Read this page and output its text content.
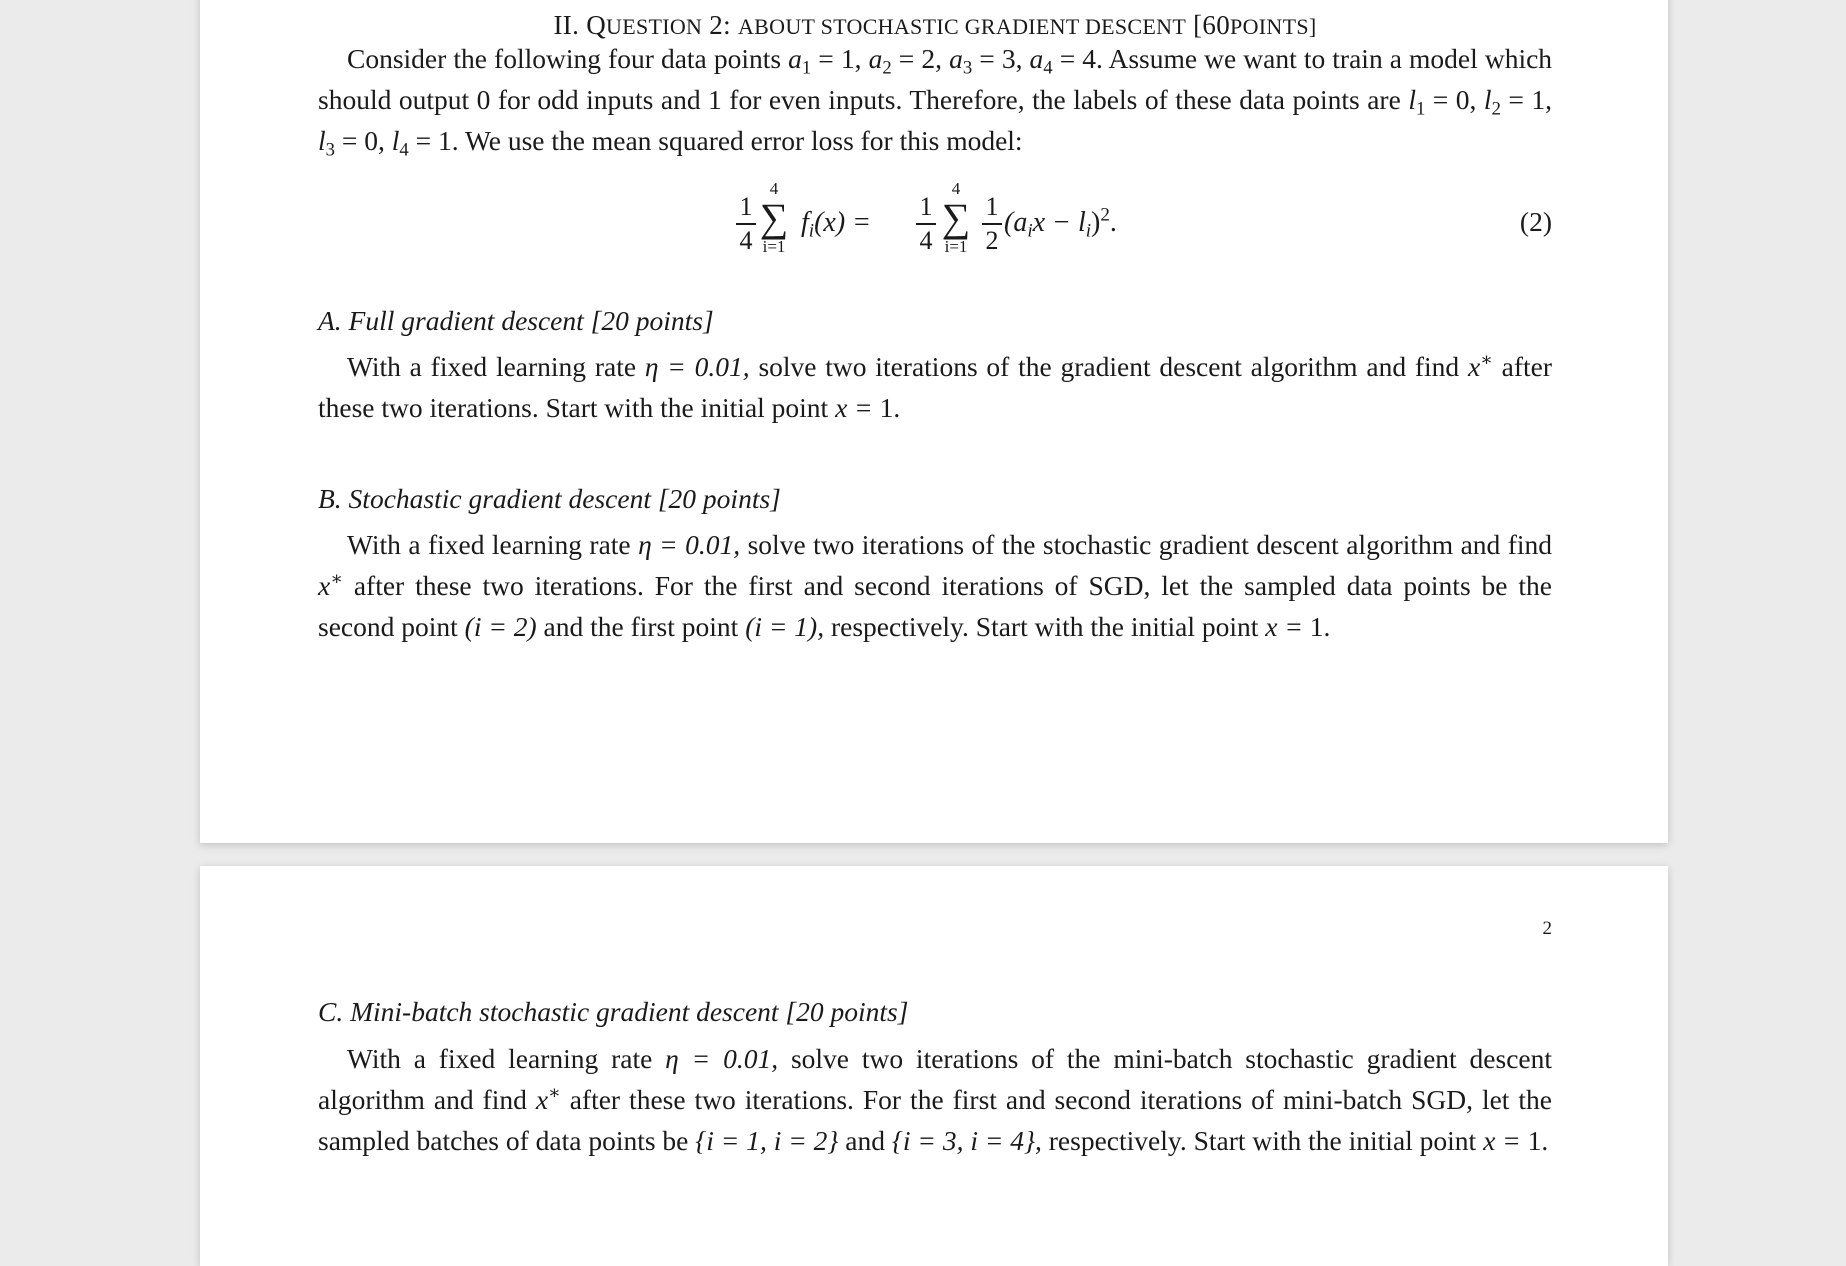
II. QUESTION 2: ABOUT STOCHASTIC GRADIENT DESCENT [60POINTS]
Consider the following four data points $a_1 = 1$, $a_2 = 2$, $a_3 = 3$, $a_4 = 4$. Assume we want to train a model which should output 0 for odd inputs and 1 for even inputs. Therefore, the labels of these data points are $l_1 = 0$, $l_2 = 1$, $l_3 = 0$, $l_4 = 1$. We use the mean squared error loss for this model:
1
4
4
∑
i=1
$f_i(x)$ =
1
4
4
∑
i=1
1
2
$(a_ix - l_i)^2$.	(2)
A. Full gradient descent [20 points]
With a fixed learning rate η = 0.01, solve two iterations of the gradient descent algorithm and find x∗ after these two iterations. Start with the initial point x = 1.
B. Stochastic gradient descent [20 points]
With a fixed learning rate η = 0.01, solve two iterations of the stochastic gradient descent algorithm and find x∗ after these two iterations. For the first and second iterations of SGD, let the sampled data points be the second point (i = 2) and the first point (i = 1), respectively. Start with the initial point x = 1.
2
C. Mini-batch stochastic gradient descent [20 points]
With a fixed learning rate η = 0.01, solve two iterations of the mini-batch stochastic gradient descent algorithm and find x∗ after these two iterations. For the first and second iterations of mini-batch SGD, let the sampled batches of data points be {i = 1, i = 2} and {i = 3, i = 4}, respectively. Start with the initial point x = 1.
